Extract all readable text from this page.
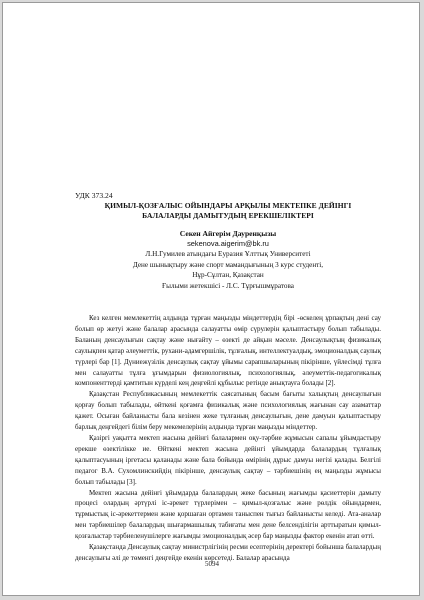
УДК 373.24

ҚИМЫЛ-ҚОЗҒАЛЫС ОЙЫНДАРЫ АРҚЫЛЫ МЕКТЕПКЕ ДЕЙІНГІ
БАЛАЛАРДЫ ДАМЫТУДЫҢ ЕРЕКШЕЛІКТЕРІ

Секен Айгерім Дауренқызы

sekenova.aigerim@bk.ru

Л.Н.Гумилев атындағы Еуразия Ұлттық Университеті

Дене шынықтыру және спорт мамандығының 3 курс студенті,

Нұр-Сұлтан, Қазақстан

Ғылыми жетекшісі - Л.С. Тұрғышмұратова

Кез келген мемлекеттің алдында тұрған маңызды міндеттердің бірі -өскелең ұрпақтың дені сау болып өр жетуі және балалар арасында салауатты өмір сүрулерін қалыптастыру болып табылады. Баланың денсаулығын сақтау және нығайту – өзекті де айқын мәселе. Денсаулықтың физикалық саулықпен қатар әлеуметтік, рухани-адамгершілік, тұлғалық, интеллектуалдық, эмоционалдық саулық түрлері бар [1]. Дүниежүзілік денсаулық сақтау ұйымы сарапшыларының пікірінше, үйлесімді тұлға мен салауатты тұлға ұғымдарын физиологиялық, психологиялық, әлеуметтік-педагогикалық компоненттерді қамтитын күрделі кең деңгейлі құбылыс ретінде анықтауға болады [2].

Қазақстан Республикасының мемлекеттік саясатының басым бағыты халықтың денсаулығын қорғау болып табылады, өйткені қоғамға физикалық және психологиялық жағынан сау азаматтар қажет. Осыған байланысты бала кезінен жеке тұлғаның денсаулығын, дене дамуын қалыптастыру барлық деңгейдегі білім беру мекемелерінің алдында тұрған маңызды міндеттер.

Қазіргі уақытта мектеп жасына дейінгі балалармен оқу-тәрбие жұмысын сапалы ұйымдастыру ерекше өзектілікке ие. Өйткені мектеп жасына дейінгі ұйымдарда балалардың тұлғалық қалыптасуының іргетасы қаланады және бала бойында өмірінің дұрыс дамуы негізі қалады. Белгілі педагог В.А. Сухомлинскийдің пікірінше, денсаулық сақтау – тәрбиешінің ең маңызды жұмысы болып табылады [3].

Мектеп жасына дейінгі ұйымдарда балалардың жеке басының жағымды қасиеттерін дамыту процесі олардың әртүрлі іс-әрекет түрлерімен – қимыл-қозғалыс және рөлдік ойындармен, тұрмыстық іс-әрекеттермен және қоршаған ортамен таныспен тығыз байланысты келеді. Ата-аналар мен тәрбиешілер балалардың шығармашылық табиғаты мен дене белсенділігін арттыратын қимыл-қозғалыстар тәрбиеленушілерге жағымды эмоционалдық әсер бар маңызды фактор екенін атап өтті.

Қазақстанда Денсаулық сақтау министрлігінің ресми есептерінің деректері бойынша балалардың денсаулығы әлі де төменгі деңгейде екенін көрсетеді. Балалар арасында

5094
